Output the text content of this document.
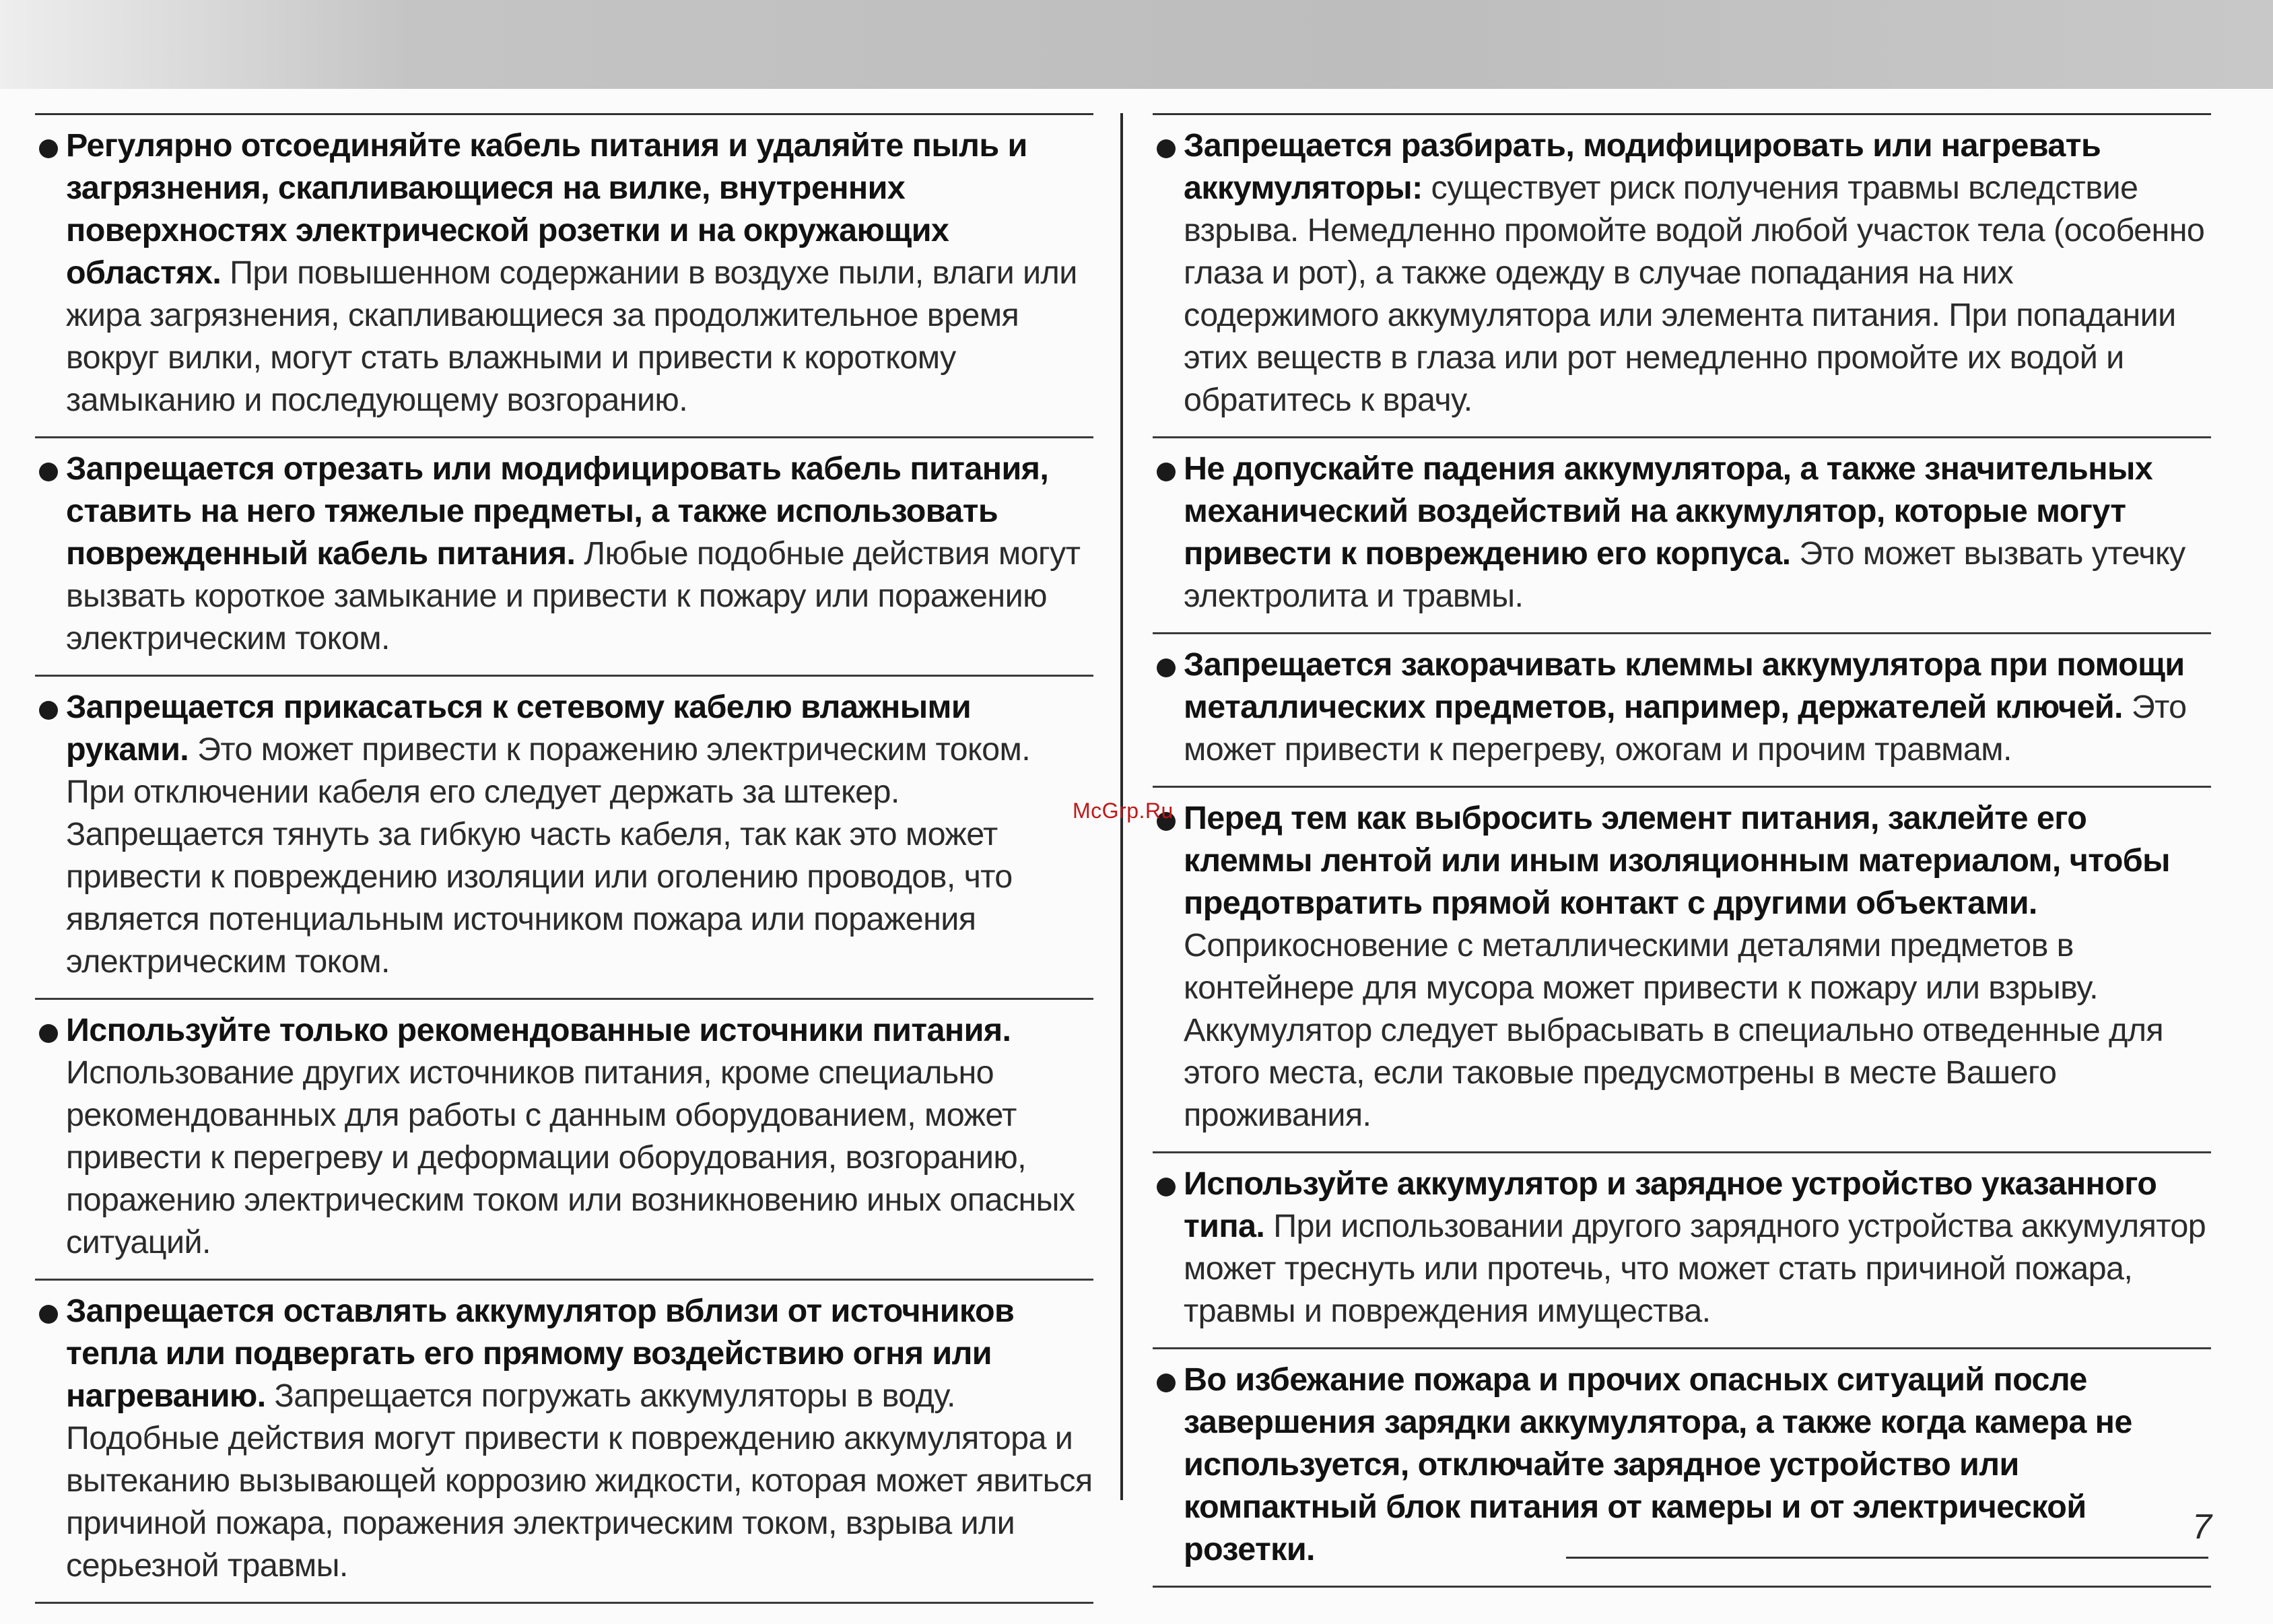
Регулярно отсоединяйте кабель питания и удаляйте пыль и загрязнения, скапливающиеся на вилке, внутренних поверхностях электрической розетки и на окружающих областях. При повышенном содержании в воздухе пыли, влаги или жира загрязнения, скапливающиеся за продолжительное время вокруг вилки, могут стать влажными и привести к короткому замыканию и последующему возгоранию.
Запрещается отрезать или модифицировать кабель питания, ставить на него тяжелые предметы, а также использовать поврежденный кабель питания. Любые подобные действия могут вызвать короткое замыкание и привести к пожару или поражению электрическим током.
Запрещается прикасаться к сетевому кабелю влажными руками. Это может привести к поражению электрическим током. При отключении кабеля его следует держать за штекер. Запрещается тянуть за гибкую часть кабеля, так как это может привести к повреждению изоляции или оголению проводов, что является потенциальным источником пожара или поражения электрическим током.
Используйте только рекомендованные источники питания. Использование других источников питания, кроме специально рекомендованных для работы с данным оборудованием, может привести к перегреву и деформации оборудования, возгоранию, поражению электрическим током или возникновению иных опасных ситуаций.
Запрещается оставлять аккумулятор вблизи от источников тепла или подвергать его прямому воздействию огня или нагреванию. Запрещается погружать аккумуляторы в воду. Подобные действия могут привести к повреждению аккумулятора и вытеканию вызывающей коррозию жидкости, которая может явиться причиной пожара, поражения электрическим током, взрыва или серьезной травмы.
Запрещается разбирать, модифицировать или нагревать аккумуляторы: существует риск получения травмы вследствие взрыва. Немедленно промойте водой любой участок тела (особенно глаза и рот), а также одежду в случае попадания на них содержимого аккумулятора или элемента питания. При попадании этих веществ в глаза или рот немедленно промойте их водой и обратитесь к врачу.
Не допускайте падения аккумулятора, а также значительных механический воздействий на аккумулятор, которые могут привести к повреждению его корпуса. Это может вызвать утечку электролита и травмы.
Запрещается закорачивать клеммы аккумулятора при помощи металлических предметов, например, держателей ключей. Это может привести к перегреву, ожогам и прочим травмам.
Перед тем как выбросить элемент питания, заклейте его клеммы лентой или иным изоляционным материалом, чтобы предотвратить прямой контакт с другими объектами. Соприкосновение с металлическими деталями предметов в контейнере для мусора может привести к пожару или взрыву. Аккумулятор следует выбрасывать в специально отведенные для этого места, если таковые предусмотрены в месте Вашего проживания.
Используйте аккумулятор и зарядное устройство указанного типа. При использовании другого зарядного устройства аккумулятор может треснуть или протечь, что может стать причиной пожара, травмы и повреждения имущества.
Во избежание пожара и прочих опасных ситуаций после завершения зарядки аккумулятора, а также когда камера не используется, отключайте зарядное устройство или компактный блок питания от камеры и от электрической розетки.
McGrp.Ru
7
